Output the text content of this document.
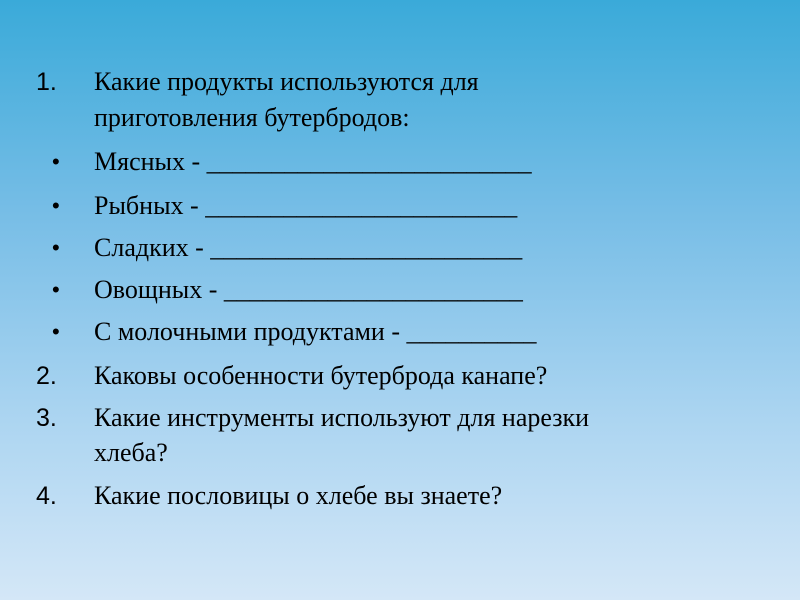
1.	Какие продукты используются для
приготовления бутербродов:
•	Мясных - _________________________
•	Рыбных - ________________________
•	Сладких - ________________________
•	Овощных - _______________________
•	С молочными продуктами - __________
2.	Каковы особенности бутерброда канапе?
3.	Какие инструменты используют для нарезки
хлеба?
4.	Какие пословицы о хлебе вы знаете?
